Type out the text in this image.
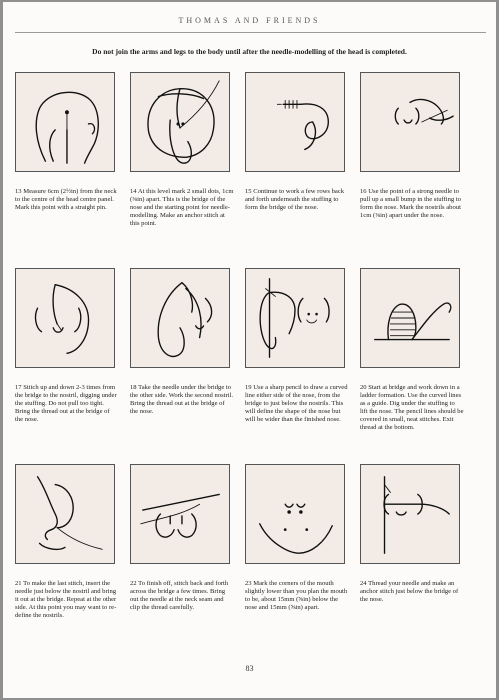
THOMAS AND FRIENDS
Do not join the arms and legs to the body until after the needle-modelling of the head is completed.
13 Measure 6cm (2½in) from the neck to the centre of the head centre panel. Mark this point with a straight pin.
14 At this level mark 2 small dots, 1cm (⅜in) apart. This is the bridge of the nose and the starting point for needle-modelling. Make an anchor stitch at this point.
15 Continue to work a few rows back and forth underneath the stuffing to form the bridge of the nose.
16 Use the point of a strong needle to pull up a small bump in the stuffing to form the nose. Mark the nostrils about 1cm (⅜in) apart under the nose.
17 Stitch up and down 2-3 times from the bridge to the nostril, digging under the stuffing. Do not pull too tight. Bring the thread out at the bridge of the nose.
18 Take the needle under the bridge to the other side. Work the second nostril. Bring the thread out at the bridge of the nose.
19 Use a sharp pencil to draw a curved line either side of the nose, from the bridge to just below the nostrils. This will define the shape of the nose but will be wider than the finished nose.
20 Start at bridge and work down in a ladder formation. Use the curved lines as a guide. Dig under the stuffing to lift the nose. The pencil lines should be covered in small, neat stitches. Exit thread at the bottom.
21 To make the last stitch, insert the needle just below the nostril and bring it out at the bridge. Repeat at the other side. At this point you may want to re-define the nostrils.
22 To finish off, stitch back and forth across the bridge a few times. Bring out the needle at the neck seam and clip the thread carefully.
23 Mark the corners of the mouth slightly lower than you plan the mouth to be, about 15mm (⅝in) below the nose and 15mm (⅝in) apart.
24 Thread your needle and make an anchor stitch just below the bridge of the nose.
83
